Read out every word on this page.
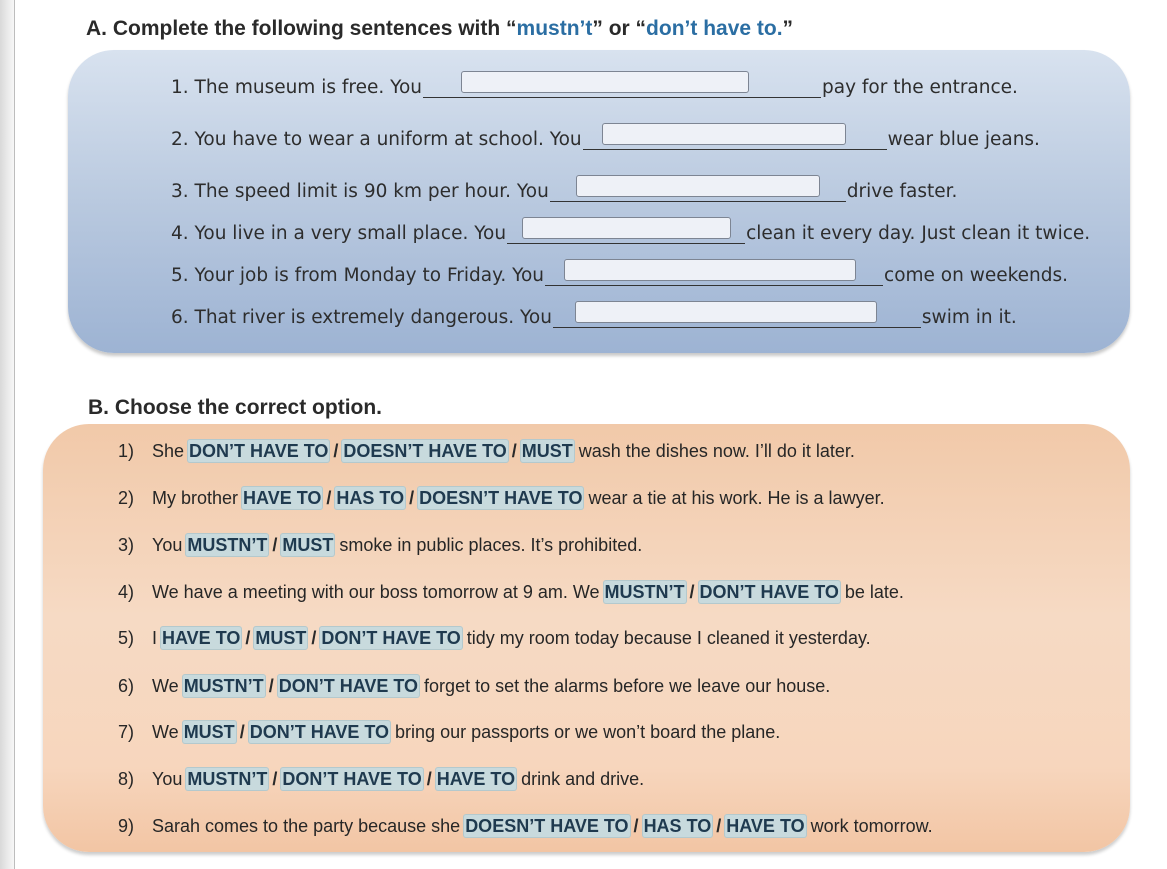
A. Complete the following sentences with “mustn’t” or “don’t have to.”
1. The museum is free. You	pay for the entrance.
2. You have to wear a uniform at school. You	wear blue jeans.
3. The speed limit is 90 km per hour. You	drive faster.
4. You live in a very small place. You	clean it every day. Just clean it twice.
5. Your job is from Monday to Friday. You	come on weekends.
6. That river is extremely dangerous. You	swim in it.
B. Choose the correct option.
1) She DON’T HAVE TO / DOESN’T HAVE TO / MUST wash the dishes now. I’ll do it later.
2) My brother HAVE TO / HAS TO / DOESN’T HAVE TO wear a tie at his work. He is a lawyer.
3) You MUSTN’T / MUST smoke in public places. It’s prohibited.
4) We have a meeting with our boss tomorrow at 9 am. We MUSTN’T / DON’T HAVE TO be late.
5) I HAVE TO / MUST / DON’T HAVE TO tidy my room today because I cleaned it yesterday.
6) We MUSTN’T / DON’T HAVE TO forget to set the alarms before we leave our house.
7) We MUST / DON’T HAVE TO bring our passports or we won’t board the plane.
8) You MUSTN’T / DON’T HAVE TO / HAVE TO drink and drive.
9) Sarah comes to the party because she DOESN’T HAVE TO / HAS TO / HAVE TO work tomorrow.
